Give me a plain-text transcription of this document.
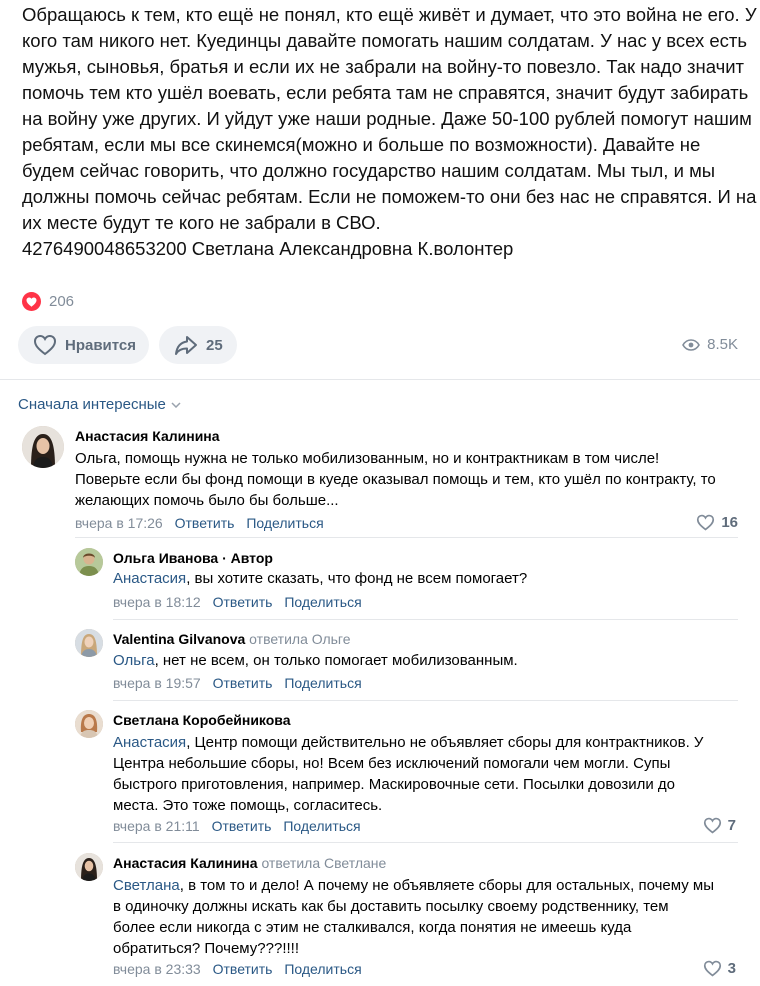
Обращаюсь к тем, кто ещё не понял, кто ещё живёт и думает, что это война не его. У
кого там никого нет. Куединцы давайте помогать нашим солдатам. У нас у всех есть
мужья, сыновья, братья и если их не забрали на войну-то повезло. Так надо значит
помочь тем кто ушёл воевать, если ребята там не справятся, значит будут забирать
на войну уже других. И уйдут уже наши родные. Даже 50-100 рублей помогут нашим
ребятам, если мы все скинемся(можно и больше по возможности). Давайте не
будем сейчас говорить, что должно государство нашим солдатам. Мы тыл, и мы
должны помочь сейчас ребятам. Если не поможем-то они без нас не справятся. И на
их месте будут те кого не забрали в СВО.
4276490048653200 Светлана Александровна К.волонтер
206
Нравится	25	8.5K
Сначала интересные
Анастасия Калинина
Ольга, помощь нужна не только мобилизованным, но и контрактникам в том числе!
Поверьте если бы фонд помощи в куеде оказывал помощь и тем, кто ушёл по контракту, то
желающих помочь было бы больше...
вчера в 17:26 Ответить Поделиться	16
Ольга Иванова · Автор
Анастасия, вы хотите сказать, что фонд не всем помогает?
вчера в 18:12 Ответить Поделиться
Valentina Gilvanova ответила Ольге
Ольга, нет не всем, он только помогает мобилизованным.
вчера в 19:57 Ответить Поделиться
Светлана Коробейникова
Анастасия, Центр помощи действительно не объявляет сборы для контрактников. У
Центра небольшие сборы, но! Всем без исключений помогали чем могли. Супы
быстрого приготовления, например. Маскировочные сети. Посылки довозили до
места. Это тоже помощь, согласитесь.
вчера в 21:11 Ответить Поделиться	7
Анастасия Калинина ответила Светлане
Светлана, в том то и дело! А почему не объявляете сборы для остальных, почему мы
в одиночку должны искать как бы доставить посылку своему родственнику, тем
более если никогда с этим не сталкивался, когда понятия не имеешь куда
обратиться? Почему???!!!!
вчера в 23:33 Ответить Поделиться	3
